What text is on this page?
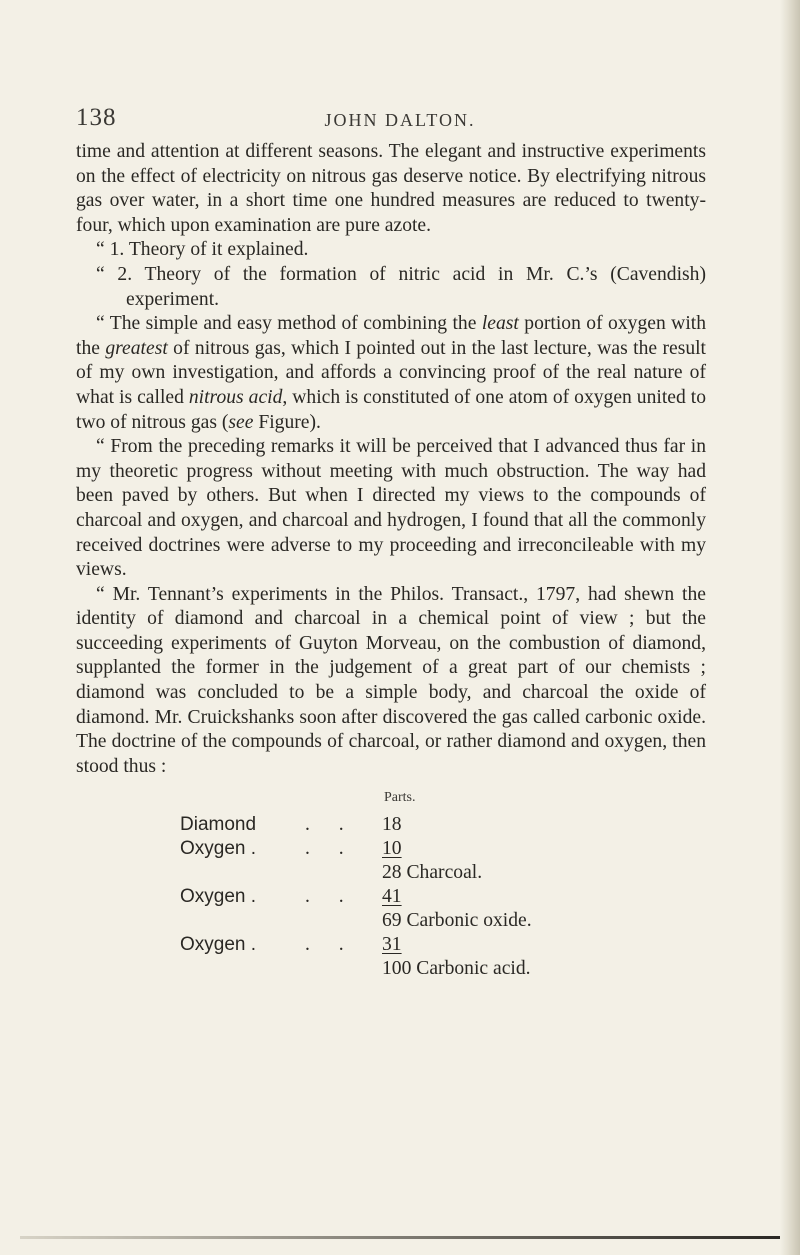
138	JOHN DALTON.

time and attention at different seasons. The elegant and instructive experiments on the effect of electricity on nitrous gas deserve notice. By electrifying nitrous gas over water, in a short time one hundred measures are reduced to twenty-four, which upon examination are pure azote.

“ 1. Theory of it explained.

“ 2. Theory of the formation of nitric acid in Mr. C.’s (Cavendish) experiment.

“ The simple and easy method of combining the least portion of oxygen with the greatest of nitrous gas, which I pointed out in the last lecture, was the result of my own investigation, and affords a convincing proof of the real nature of what is called nitrous acid, which is constituted of one atom of oxygen united to two of nitrous gas (see Figure).

“ From the preceding remarks it will be perceived that I advanced thus far in my theoretic progress without meeting with much obstruction. The way had been paved by others. But when I directed my views to the compounds of charcoal and oxygen, and charcoal and hydrogen, I found that all the commonly received doctrines were adverse to my proceeding and irreconcileable with my views.

“ Mr. Tennant’s experiments in the Philos. Transact., 1797, had shewn the identity of diamond and charcoal in a chemical point of view ; but the succeeding experiments of Guyton Morveau, on the combustion of diamond, supplanted the former in the judgement of a great part of our chemists ; diamond was concluded to be a simple body, and charcoal the oxide of diamond. Mr. Cruickshanks soon after discovered the gas called carbonic oxide. The doctrine of the compounds of charcoal, or rather diamond and oxygen, then stood thus :

Parts.
Diamond . . 18
Oxygen . . . 10
28 Charcoal.
Oxygen . . . 41
69 Carbonic oxide.
Oxygen . . . 31
100 Carbonic acid.
